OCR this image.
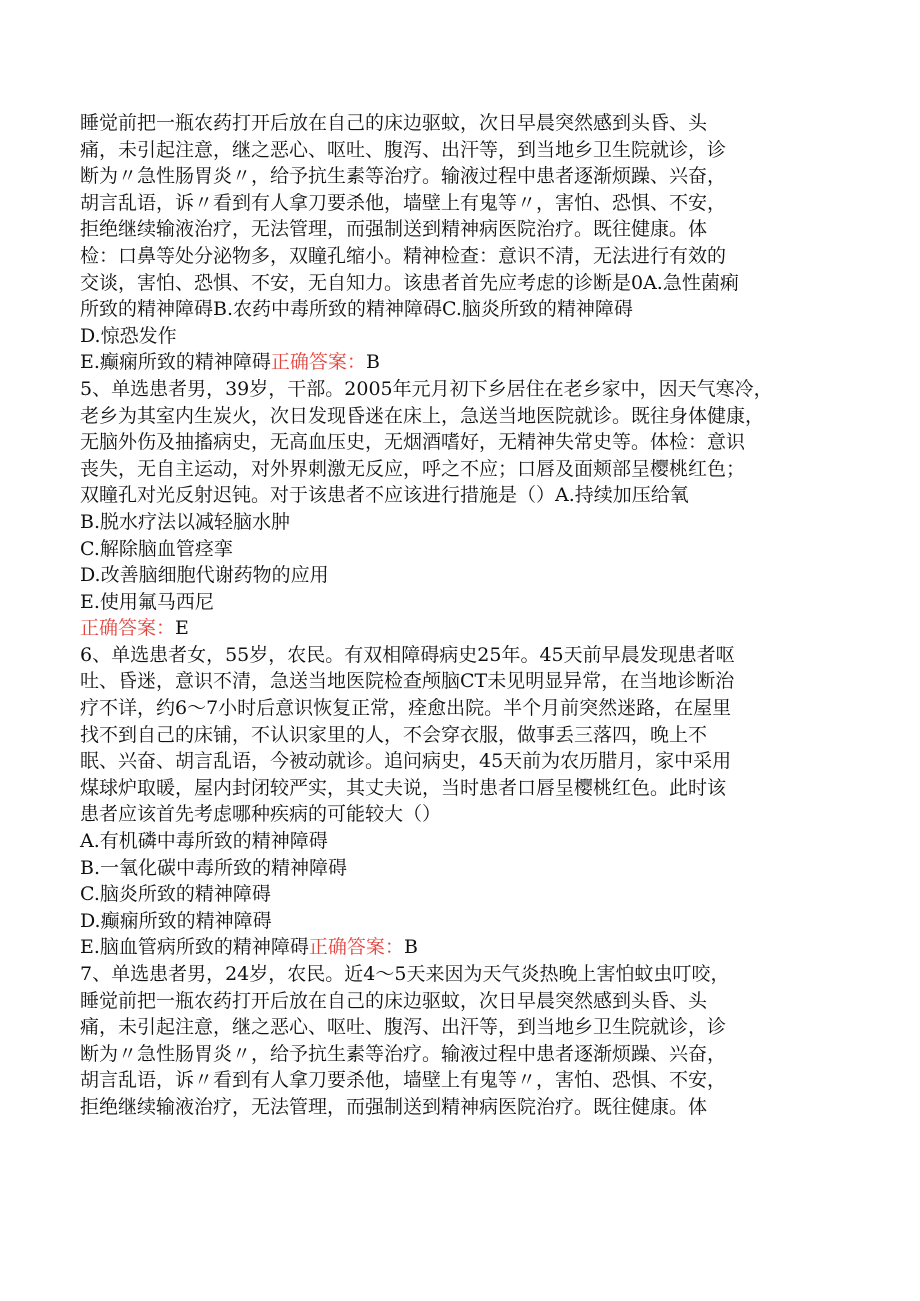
睡觉前把一瓶农药打开后放在自己的床边驱蚊，次日早晨突然感到头昏、头
痛，未引起注意，继之恶心、呕吐、腹泻、出汗等，到当地乡卫生院就诊，诊
断为〃急性肠胃炎〃，给予抗生素等治疗。输液过程中患者逐渐烦躁、兴奋，
胡言乱语，诉〃看到有人拿刀要杀他，墙壁上有鬼等〃，害怕、恐惧、不安，
拒绝继续输液治疗，无法管理，而强制送到精神病医院治疗。既往健康。体
检：口鼻等处分泌物多，双瞳孔缩小。精神检查：意识不清，无法进行有效的
交谈，害怕、恐惧、不安，无自知力。该患者首先应考虑的诊断是0A.急性菌痢
所致的精神障碍B.农药中毒所致的精神障碍C.脑炎所致的精神障碍
D.惊恐发作
E.癫痫所致的精神障碍正确答案：B
5、单选患者男，39岁，干部。2005年元月初下乡居住在老乡家中，因天气寒冷，
老乡为其室内生炭火，次日发现昏迷在床上，急送当地医院就诊。既往身体健康，
无脑外伤及抽搐病史，无高血压史，无烟酒嗜好，无精神失常史等。体检：意识
丧失，无自主运动，对外界刺激无反应，呼之不应；口唇及面颊部呈樱桃红色；
双瞳孔对光反射迟钝。对于该患者不应该进行措施是（）A.持续加压给氧
B.脱水疗法以减轻脑水肿
C.解除脑血管痉挛
D.改善脑细胞代谢药物的应用
E.使用氟马西尼
正确答案：E
6、单选患者女，55岁，农民。有双相障碍病史25年。45天前早晨发现患者呕
吐、昏迷，意识不清，急送当地医院检查颅脑CT未见明显异常，在当地诊断治
疗不详，约6～7小时后意识恢复正常，痊愈出院。半个月前突然迷路，在屋里
找不到自己的床铺，不认识家里的人，不会穿衣服，做事丢三落四，晚上不
眠、兴奋、胡言乱语，今被动就诊。追问病史，45天前为农历腊月，家中采用
煤球炉取暖，屋内封闭较严实，其丈夫说，当时患者口唇呈樱桃红色。此时该
患者应该首先考虑哪种疾病的可能较大（）
A.有机磷中毒所致的精神障碍
B.一氧化碳中毒所致的精神障碍
C.脑炎所致的精神障碍
D.癫痫所致的精神障碍
E.脑血管病所致的精神障碍正确答案：B
7、单选患者男，24岁，农民。近4～5天来因为天气炎热晚上害怕蚊虫叮咬，
睡觉前把一瓶农药打开后放在自己的床边驱蚊，次日早晨突然感到头昏、头
痛，未引起注意，继之恶心、呕吐、腹泻、出汗等，到当地乡卫生院就诊，诊
断为〃急性肠胃炎〃，给予抗生素等治疗。输液过程中患者逐渐烦躁、兴奋，
胡言乱语，诉〃看到有人拿刀要杀他，墙壁上有鬼等〃，害怕、恐惧、不安，
拒绝继续输液治疗，无法管理，而强制送到精神病医院治疗。既往健康。体
